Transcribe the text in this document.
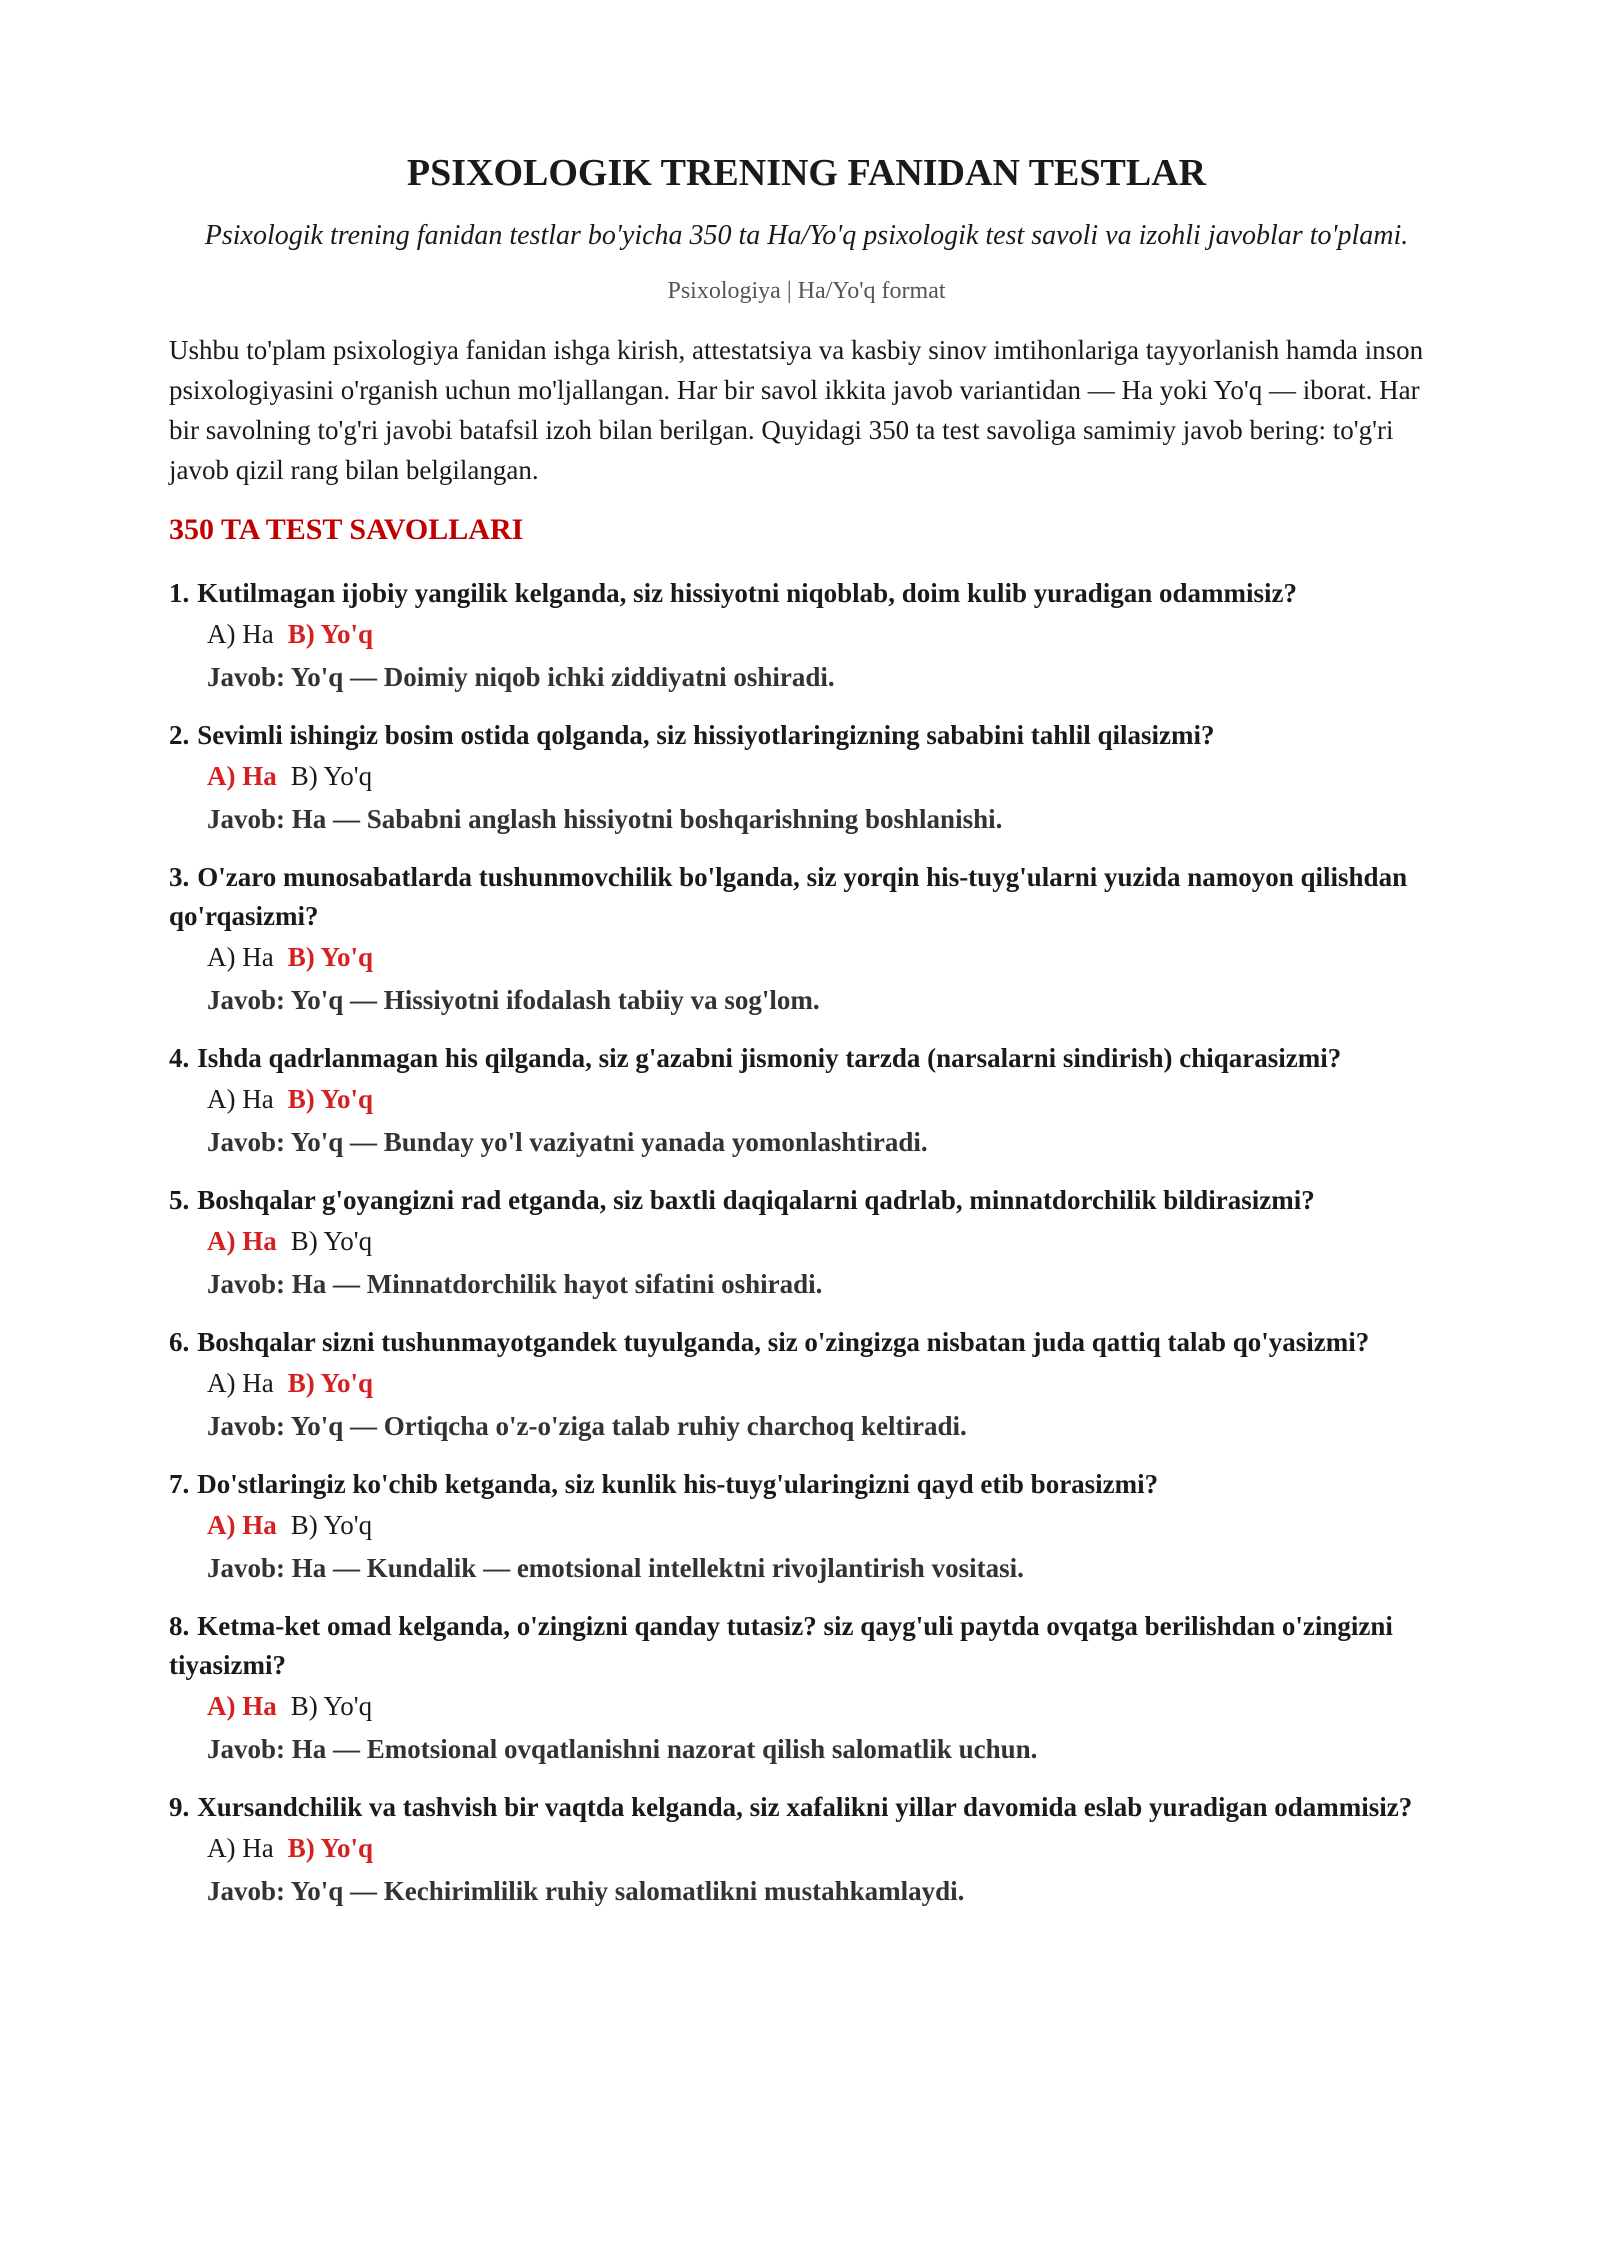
PSIXOLOGIK TRENING FANIDAN TESTLAR
Psixologik trening fanidan testlar bo'yicha 350 ta Ha/Yo'q psixologik test savoli va izohli javoblar to'plami.
Psixologiya | Ha/Yo'q format

Ushbu to'plam psixologiya fanidan ishga kirish, attestatsiya va kasbiy sinov imtihonlariga tayyorlanish hamda inson psixologiyasini o'rganish uchun mo'ljallangan. Har bir savol ikkita javob variantidan — Ha yoki Yo'q — iborat. Har bir savolning to'g'ri javobi batafsil izoh bilan berilgan. Quyidagi 350 ta test savoliga samimiy javob bering: to'g'ri javob qizil rang bilan belgilangan.

350 TA TEST SAVOLLARI
1. Kutilmagan ijobiy yangilik kelganda, siz hissiyotni niqoblab, doim kulib yuradigan odammisiz?
A) Ha B) Yo'q
Javob: Yo'q — Doimiy niqob ichki ziddiyatni oshiradi.
2. Sevimli ishingiz bosim ostida qolganda, siz hissiyotlaringizning sababini tahlil qilasizmi?
A) Ha B) Yo'q
Javob: Ha — Sababni anglash hissiyotni boshqarishning boshlanishi.
3. O'zaro munosabatlarda tushunmovchilik bo'lganda, siz yorqin his-tuyg'ularni yuzida namoyon qilishdan qo'rqasizmi?
A) Ha B) Yo'q
Javob: Yo'q — Hissiyotni ifodalash tabiiy va sog'lom.
4. Ishda qadrlanmagan his qilganda, siz g'azabni jismoniy tarzda (narsalarni sindirish) chiqarasizmi?
A) Ha B) Yo'q
Javob: Yo'q — Bunday yo'l vaziyatni yanada yomonlashtiradi.
5. Boshqalar g'oyangizni rad etganda, siz baxtli daqiqalarni qadrlab, minnatdorchilik bildirasizmi?
A) Ha B) Yo'q
Javob: Ha — Minnatdorchilik hayot sifatini oshiradi.
6. Boshqalar sizni tushunmayotgandek tuyulganda, siz o'zingizga nisbatan juda qattiq talab qo'yasizmi?
A) Ha B) Yo'q
Javob: Yo'q — Ortiqcha o'z-o'ziga talab ruhiy charchoq keltiradi.
7. Do'stlaringiz ko'chib ketganda, siz kunlik his-tuyg'ularingizni qayd etib borasizmi?
A) Ha B) Yo'q
Javob: Ha — Kundalik — emotsional intellektni rivojlantirish vositasi.
8. Ketma-ket omad kelganda, o'zingizni qanday tutasiz? siz qayg'uli paytda ovqatga berilishdan o'zingizni tiyasizmi?
A) Ha B) Yo'q
Javob: Ha — Emotsional ovqatlanishni nazorat qilish salomatlik uchun.
9. Xursandchilik va tashvish bir vaqtda kelganda, siz xafalikni yillar davomida eslab yuradigan odammisiz?
A) Ha B) Yo'q
Javob: Yo'q — Kechirimlilik ruhiy salomatlikni mustahkamlaydi.
